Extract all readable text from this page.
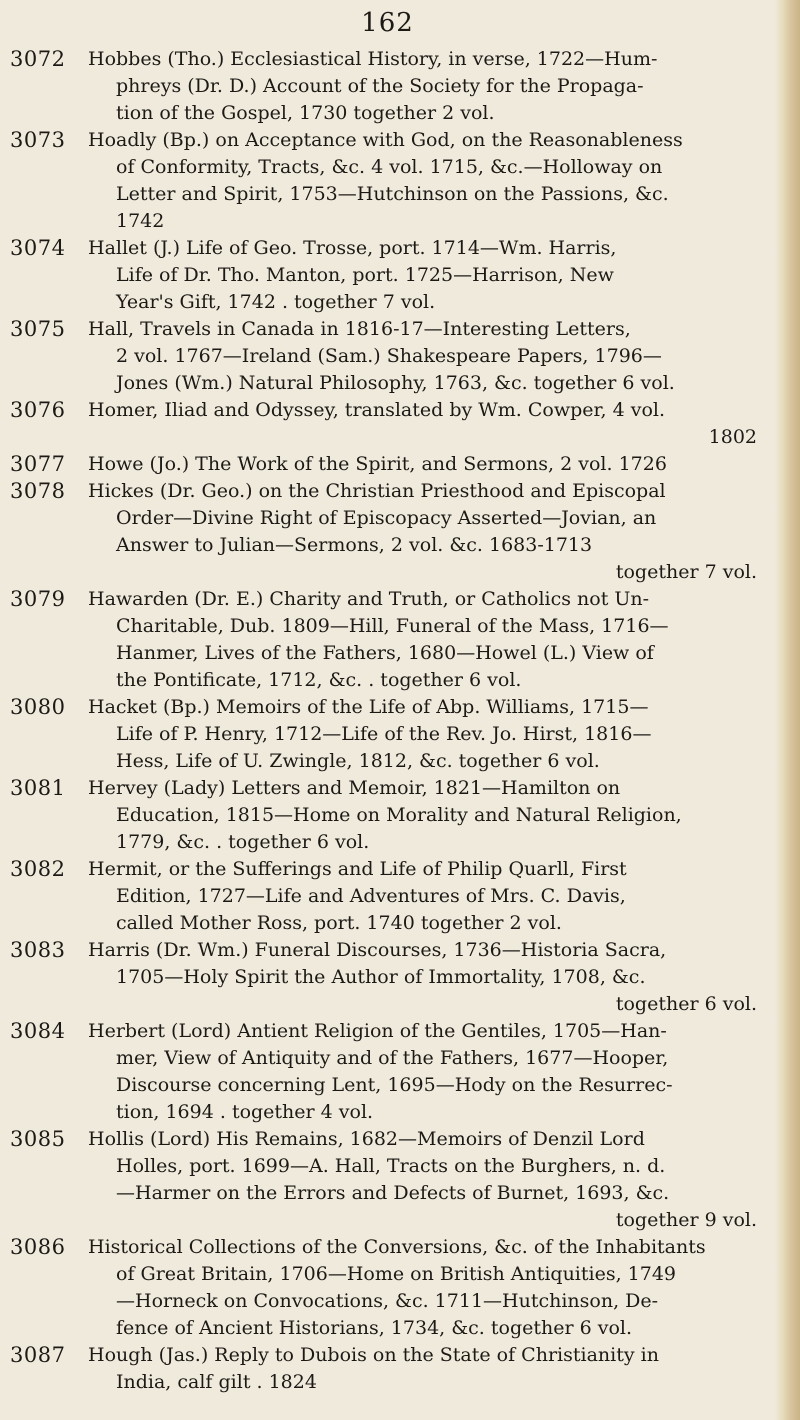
162
3072 Hobbes (Tho.) Ecclesiastical History, in verse, 1722—Hum-
phreys (Dr. D.) Account of the Society for the Propaga-
tion of the Gospel, 1730 together 2 vol.
3073 Hoadly (Bp.) on Acceptance with God, on the Reasonableness
of Conformity, Tracts, &c. 4 vol. 1715, &c.—Holloway on
Letter and Spirit, 1753—Hutchinson on the Passions, &c.
1742
3074 Hallet (J.) Life of Geo. Trosse, port. 1714—Wm. Harris,
Life of Dr. Tho. Manton, port. 1725—Harrison, New
Year's Gift, 1742 . together 7 vol.
3075 Hall, Travels in Canada in 1816-17—Interesting Letters,
2 vol. 1767—Ireland (Sam.) Shakespeare Papers, 1796—
Jones (Wm.) Natural Philosophy, 1763, &c. together 6 vol.
3076 Homer, Iliad and Odyssey, translated by Wm. Cowper, 4 vol.
1802
3077 Howe (Jo.) The Work of the Spirit, and Sermons, 2 vol. 1726
3078 Hickes (Dr. Geo.) on the Christian Priesthood and Episcopal
Order—Divine Right of Episcopacy Asserted—Jovian, an
Answer to Julian—Sermons, 2 vol. &c. 1683-1713
together 7 vol.
3079 Hawarden (Dr. E.) Charity and Truth, or Catholics not Un-
Charitable, Dub. 1809—Hill, Funeral of the Mass, 1716—
Hanmer, Lives of the Fathers, 1680—Howel (L.) View of
the Pontificate, 1712, &c. . together 6 vol.
3080 Hacket (Bp.) Memoirs of the Life of Abp. Williams, 1715—
Life of P. Henry, 1712—Life of the Rev. Jo. Hirst, 1816—
Hess, Life of U. Zwingle, 1812, &c. together 6 vol.
3081 Hervey (Lady) Letters and Memoir, 1821—Hamilton on
Education, 1815—Home on Morality and Natural Religion,
1779, &c. . together 6 vol.
3082 Hermit, or the Sufferings and Life of Philip Quarll, First
Edition, 1727—Life and Adventures of Mrs. C. Davis,
called Mother Ross, port. 1740 together 2 vol.
3083 Harris (Dr. Wm.) Funeral Discourses, 1736—Historia Sacra,
1705—Holy Spirit the Author of Immortality, 1708, &c.
together 6 vol.
3084 Herbert (Lord) Antient Religion of the Gentiles, 1705—Han-
mer, View of Antiquity and of the Fathers, 1677—Hooper,
Discourse concerning Lent, 1695—Hody on the Resurrec-
tion, 1694 . together 4 vol.
3085 Hollis (Lord) His Remains, 1682—Memoirs of Denzil Lord
Holles, port. 1699—A. Hall, Tracts on the Burghers, n. d.
—Harmer on the Errors and Defects of Burnet, 1693, &c.
together 9 vol.
3086 Historical Collections of the Conversions, &c. of the Inhabitants
of Great Britain, 1706—Home on British Antiquities, 1749
—Horneck on Convocations, &c. 1711—Hutchinson, De-
fence of Ancient Historians, 1734, &c. together 6 vol.
3087 Hough (Jas.) Reply to Dubois on the State of Christianity in
India, calf gilt . 1824
